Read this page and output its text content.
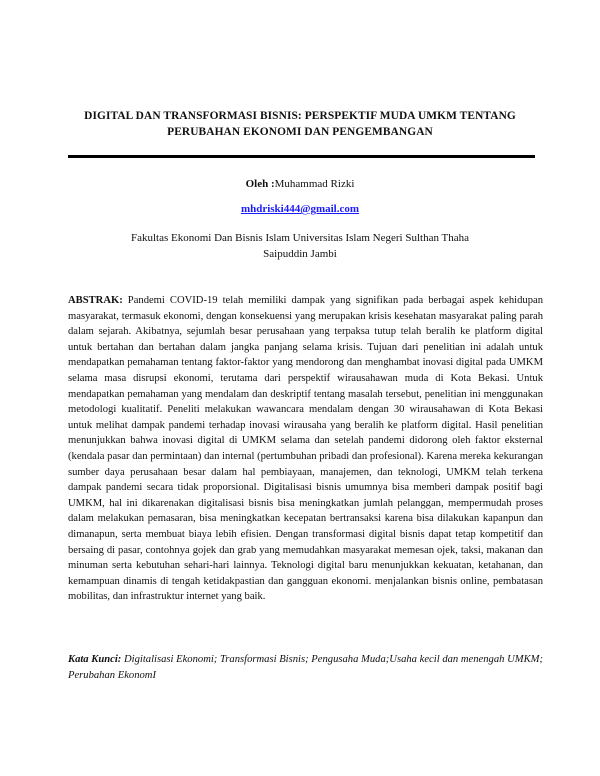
DIGITAL DAN TRANSFORMASI BISNIS: PERSPEKTIF MUDA UMKM TENTANG
PERUBAHAN EKONOMI DAN PENGEMBANGAN
Oleh :Muhammad Rizki
mhdriski444@gmail.com
Fakultas Ekonomi Dan Bisnis Islam Universitas Islam Negeri Sulthan Thaha
Saipuddin Jambi

ABSTRAK: Pandemi COVID-19 telah memiliki dampak yang signifikan pada berbagai aspek kehidupan masyarakat, termasuk ekonomi, dengan konsekuensi yang merupakan krisis kesehatan masyarakat paling parah dalam sejarah. Akibatnya, sejumlah besar perusahaan yang terpaksa tutup telah beralih ke platform digital untuk bertahan dan bertahan dalam jangka panjang selama krisis. Tujuan dari penelitian ini adalah untuk mendapatkan pemahaman tentang faktor-faktor yang mendorong dan menghambat inovasi digital pada UMKM selama masa disrupsi ekonomi, terutama dari perspektif wirausahawan muda di Kota Bekasi. Untuk mendapatkan pemahaman yang mendalam dan deskriptif tentang masalah tersebut, penelitian ini menggunakan metodologi kualitatif. Peneliti melakukan wawancara mendalam dengan 30 wirausahawan di Kota Bekasi untuk melihat dampak pandemi terhadap inovasi wirausaha yang beralih ke platform digital. Hasil penelitian menunjukkan bahwa inovasi digital di UMKM selama dan setelah pandemi didorong oleh faktor eksternal (kendala pasar dan permintaan) dan internal (pertumbuhan pribadi dan profesional). Karena mereka kekurangan sumber daya perusahaan besar dalam hal pembiayaan, manajemen, dan teknologi, UMKM telah terkena dampak pandemi secara tidak proporsional. Digitalisasi bisnis umumnya bisa memberi dampak positif bagi UMKM, hal ini dikarenakan digitalisasi bisnis bisa meningkatkan jumlah pelanggan, mempermudah proses dalam melakukan pemasaran, bisa meningkatkan kecepatan bertransaksi karena bisa dilakukan kapanpun dan dimanapun, serta membuat biaya lebih efisien. Dengan transformasi digital bisnis dapat tetap kompetitif dan bersaing di pasar, contohnya gojek dan grab yang memudahkan masyarakat memesan ojek, taksi, makanan dan minuman serta kebutuhan sehari-hari lainnya. Teknologi digital baru menunjukkan kekuatan, ketahanan, dan kemampuan dinamis di tengah ketidakpastian dan gangguan ekonomi. menjalankan bisnis online, pembatasan mobilitas, dan infrastruktur internet yang baik.

Kata Kunci: Digitalisasi Ekonomi; Transformasi Bisnis; Pengusaha Muda;Usaha kecil dan menengah UMKM; Perubahan EkonomI
